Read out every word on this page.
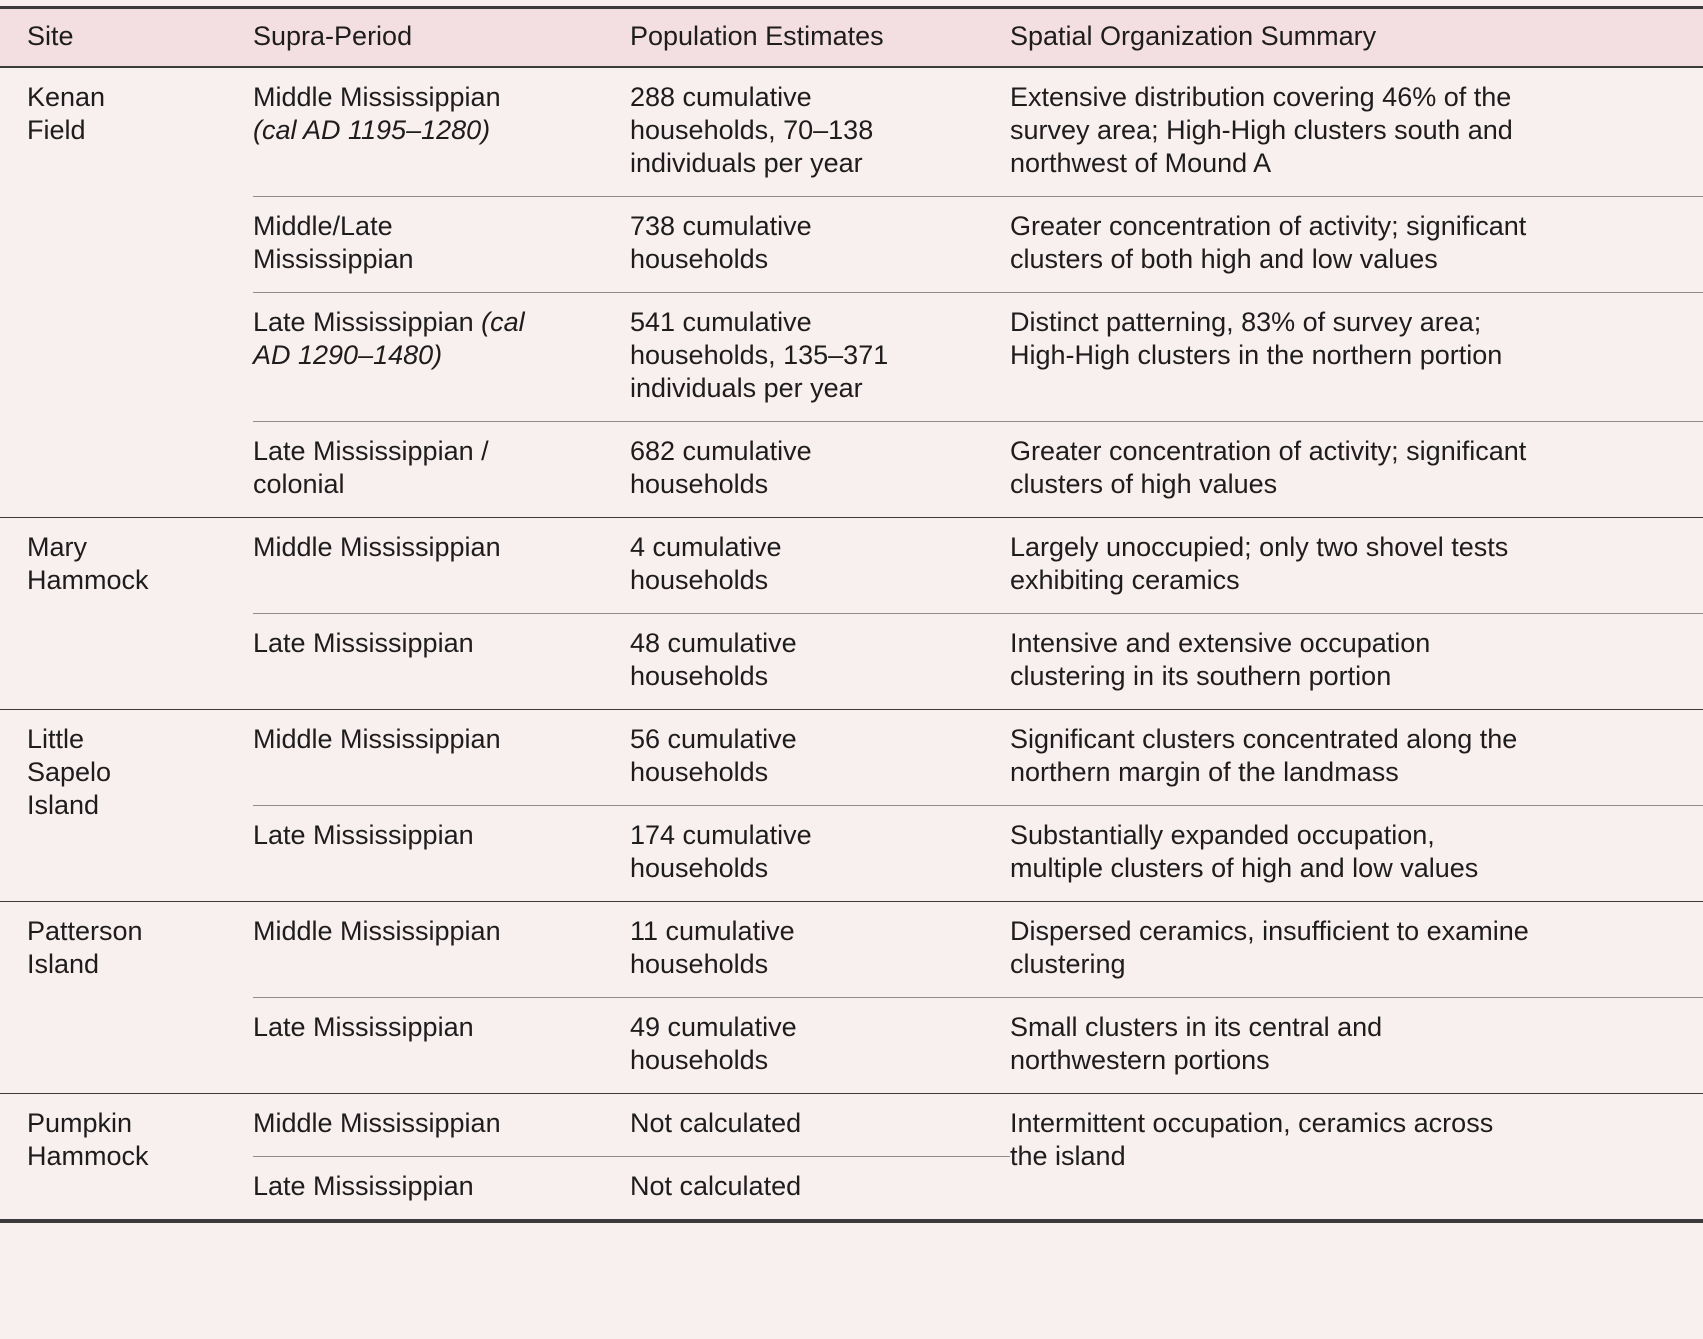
Site	Supra-Period	Population Estimates	Spatial Organization Summary

Kenan Field	Middle Mississippian (cal AD 1195–1280)	288 cumulative households, 70–138 individuals per year	Extensive distribution covering 46% of the survey area; High-High clusters south and northwest of Mound A

	Middle/Late Mississippian	738 cumulative households	Greater concentration of activity; significant clusters of both high and low values

	Late Mississippian (cal AD 1290–1480)	541 cumulative households, 135–371 individuals per year	Distinct patterning, 83% of survey area; High-High clusters in the northern portion

	Late Mississippian / colonial	682 cumulative households	Greater concentration of activity; significant clusters of high values

Mary Hammock	Middle Mississippian	4 cumulative households	Largely unoccupied; only two shovel tests exhibiting ceramics

	Late Mississippian	48 cumulative households	Intensive and extensive occupation clustering in its southern portion

Little Sapelo Island	Middle Mississippian	56 cumulative households	Significant clusters concentrated along the northern margin of the landmass

	Late Mississippian	174 cumulative households	Substantially expanded occupation, multiple clusters of high and low values

Patterson Island	Middle Mississippian	11 cumulative households	Dispersed ceramics, insufficient to examine clustering

	Late Mississippian	49 cumulative households	Small clusters in its central and northwestern portions

Pumpkin Hammock	Middle Mississippian	Not calculated	Intermittent occupation, ceramics across the island

	Late Mississippian	Not calculated	
